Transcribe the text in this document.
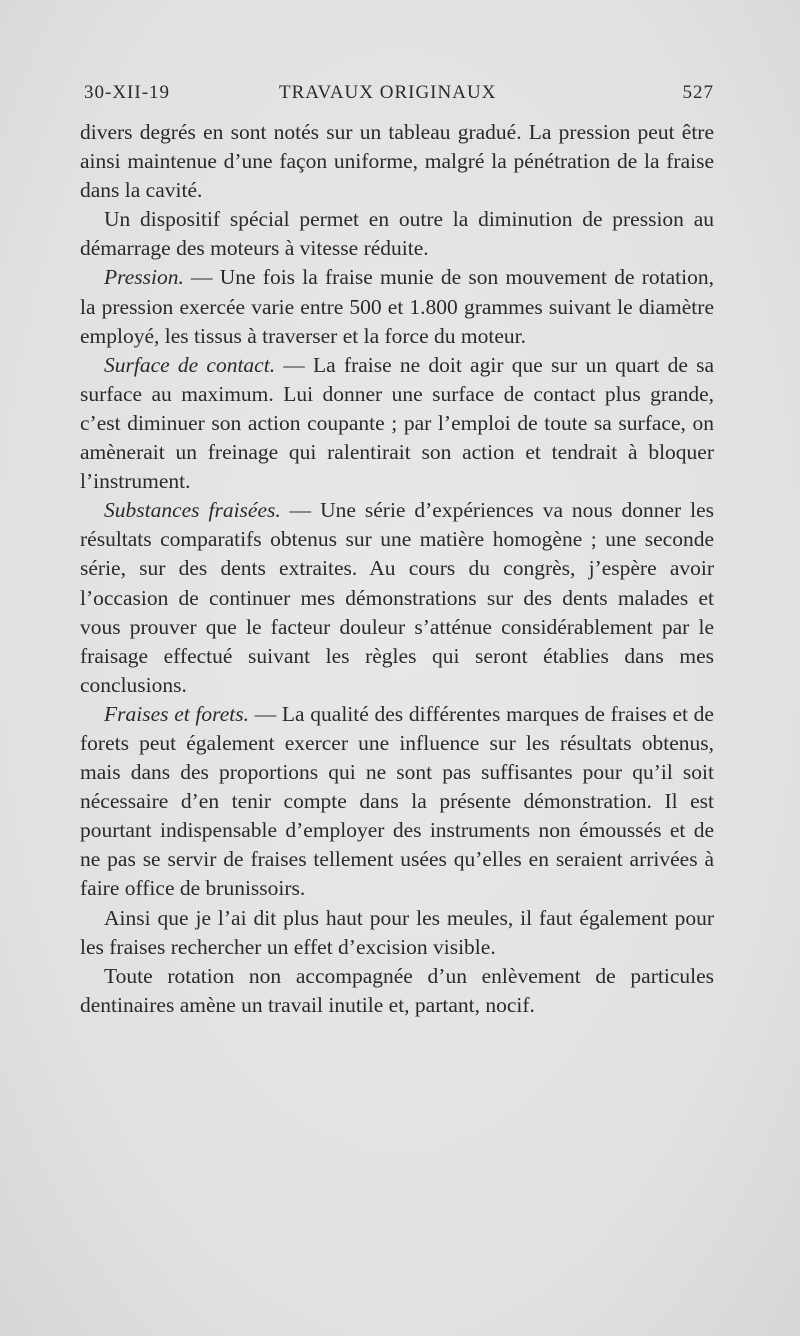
30-XII-19	TRAVAUX ORIGINAUX	527

divers degrés en sont notés sur un tableau gradué. La pression peut être ainsi maintenue d’une façon uniforme, malgré la pénétration de la fraise dans la cavité.

Un dispositif spécial permet en outre la diminution de pression au démarrage des moteurs à vitesse réduite.

Pression. — Une fois la fraise munie de son mouvement de rotation, la pression exercée varie entre 500 et 1.800 grammes suivant le diamètre employé, les tissus à traverser et la force du moteur.

Surface de contact. — La fraise ne doit agir que sur un quart de sa surface au maximum. Lui donner une surface de contact plus grande, c’est diminuer son action coupante ; par l’emploi de toute sa surface, on amènerait un freinage qui ralentirait son action et tendrait à bloquer l’instrument.

Substances fraisées. — Une série d’expériences va nous donner les résultats comparatifs obtenus sur une matière homogène ; une seconde série, sur des dents extraites. Au cours du congrès, j’espère avoir l’occasion de continuer mes démonstrations sur des dents malades et vous prouver que le facteur douleur s’atténue considérablement par le fraisage effectué suivant les règles qui seront établies dans mes conclusions.

Fraises et forets. — La qualité des différentes marques de fraises et de forets peut également exercer une influence sur les résultats obtenus, mais dans des proportions qui ne sont pas suffisantes pour qu’il soit nécessaire d’en tenir compte dans la présente démonstration. Il est pourtant indispensable d’employer des instruments non émoussés et de ne pas se servir de fraises tellement usées qu’elles en seraient arrivées à faire office de brunissoirs.

Ainsi que je l’ai dit plus haut pour les meules, il faut également pour les fraises rechercher un effet d’excision visible.

Toute rotation non accompagnée d’un enlèvement de particules dentinaires amène un travail inutile et, partant, nocif.
